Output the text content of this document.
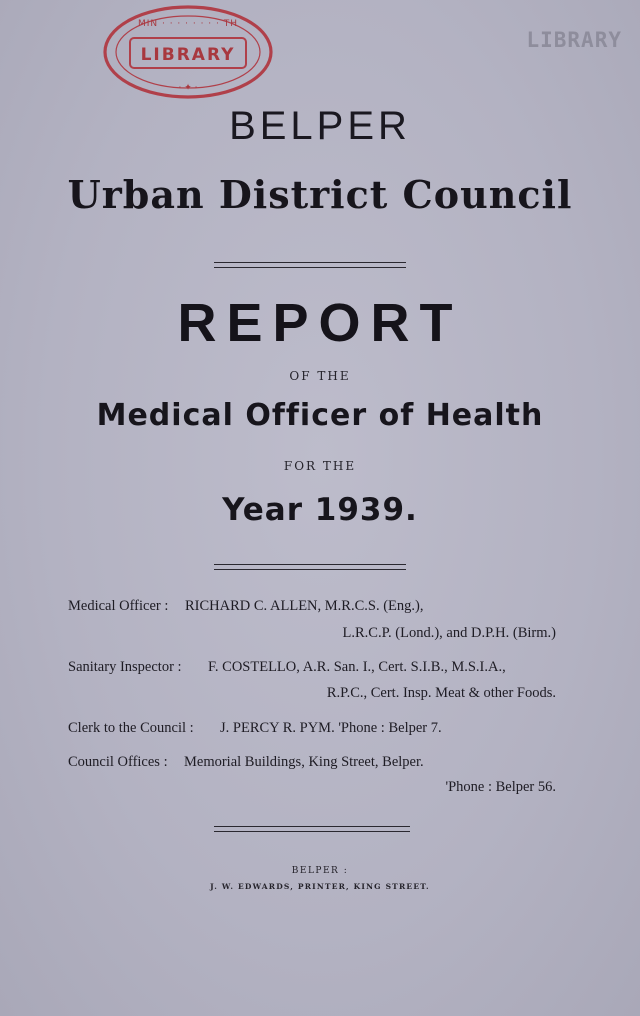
LIBRARY
MIN · · · · · · · · TH
· ✦ ·
LIBRARY
BELPER
Urban District Council
REPORT
OF THE
Medical Officer of Health
FOR THE
Year 1939.
Medical Officer : RICHARD C. ALLEN, M.R.C.S. (Eng.),
L.R.C.P. (Lond.), and D.P.H. (Birm.)
Sanitary Inspector : F. COSTELLO, A.R. San. I., Cert. S.I.B., M.S.I.A.,
R.P.C., Cert. Insp. Meat & other Foods.
Clerk to the Council : J. PERCY R. PYM. 'Phone : Belper 7.
Council Offices : Memorial Buildings, King Street, Belper.
'Phone : Belper 56.
BELPER :
J. W. EDWARDS, PRINTER, KING STREET.
